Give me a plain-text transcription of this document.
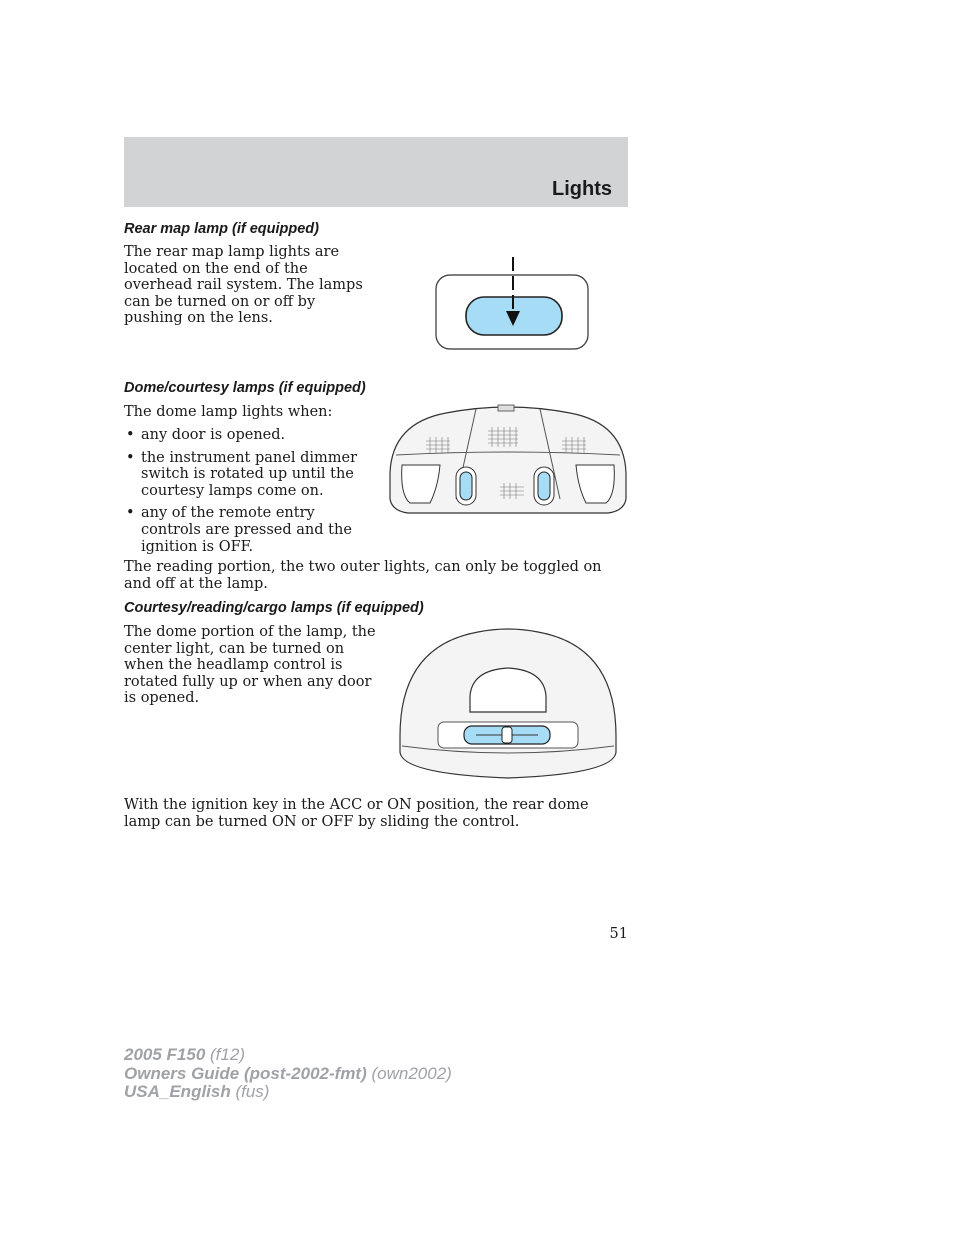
Lights
Rear map lamp (if equipped)

The rear map lamp lights are located on the end of the overhead rail system. The lamps can be turned on or off by pushing on the lens.

Dome/courtesy lamps (if equipped)

The dome lamp lights when:

• any door is opened.
• the instrument panel dimmer switch is rotated up until the courtesy lamps come on.
• any of the remote entry controls are pressed and the ignition is OFF.

The reading portion, the two outer lights, can only be toggled on and off at the lamp.

Courtesy/reading/cargo lamps (if equipped)

The dome portion of the lamp, the center light, can be turned on when the headlamp control is rotated fully up or when any door is opened.

With the ignition key in the ACC or ON position, the rear dome lamp can be turned ON or OFF by sliding the control.

51
2005 F150 (f12)
Owners Guide (post-2002-fmt) (own2002)
USA_English (fus)
